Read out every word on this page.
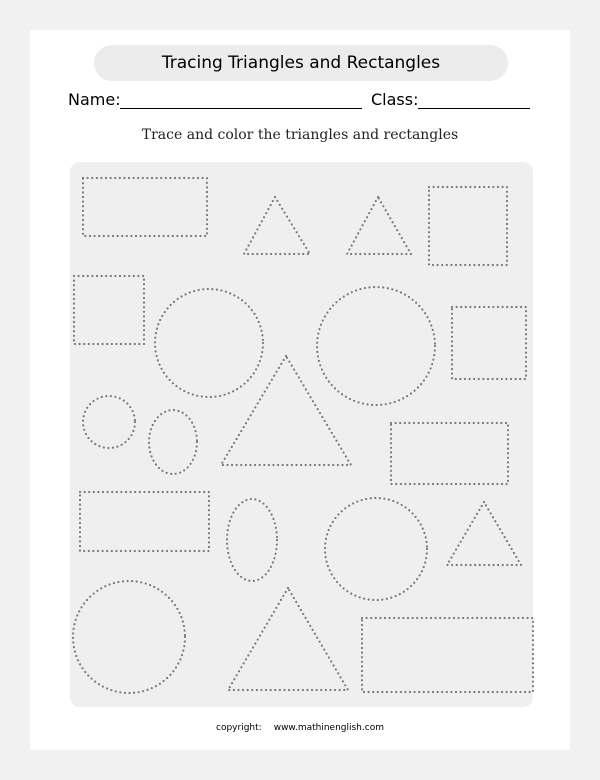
Tracing Triangles and Rectangles
Name:	Class:
Trace and color the triangles and rectangles
copyright: www.mathinenglish.com
